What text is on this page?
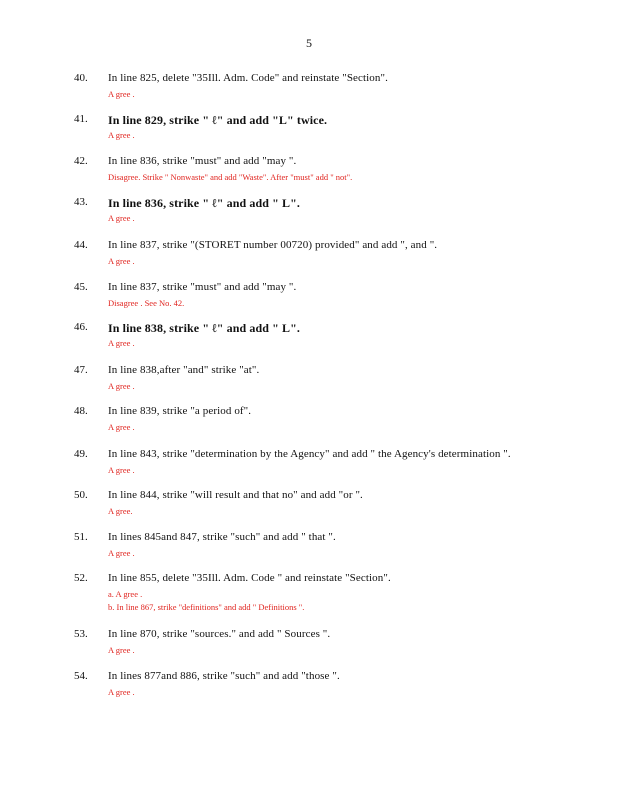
5
40.	In line 825, delete "35Ill. Adm. Code" and reinstate "Section".
A gree .
41.	In line 829, strike " ℓ" and add "L" twice.
A gree .
42.	In line 836, strike "must" and add "may ".
Disagree. Strike " Nonwaste" and add "Waste". After "must" add " not".
43.	In line 836, strike " ℓ" and add " L".
A gree .
44.	In line 837, strike "(STORET number 00720) provided" and add ", and ".
A gree .
45.	In line 837, strike "must" and add "may ".
Disagree . See No. 42.
46.	In line 838, strike " ℓ" and add " L".
A gree .
47.	In line 838,after "and" strike "at".
A gree .
48.	In line 839, strike "a period of".
A gree .
49.	In line 843, strike "determination by the Agency" and add " the Agency's determination ".
A gree .
50.	In line 844, strike "will result and that no" and add "or ".
A gree.
51.	In lines 845and 847, strike "such" and add " that ".
A gree .
52.	In line 855, delete "35Ill. Adm. Code " and reinstate "Section".
a. A gree .
b. In line 867, strike "definitions" and add " Definitions ".
53.	In line 870, strike "sources." and add " Sources ".
A gree .
54.	In lines 877and 886, strike "such" and add "those ".
A gree .
